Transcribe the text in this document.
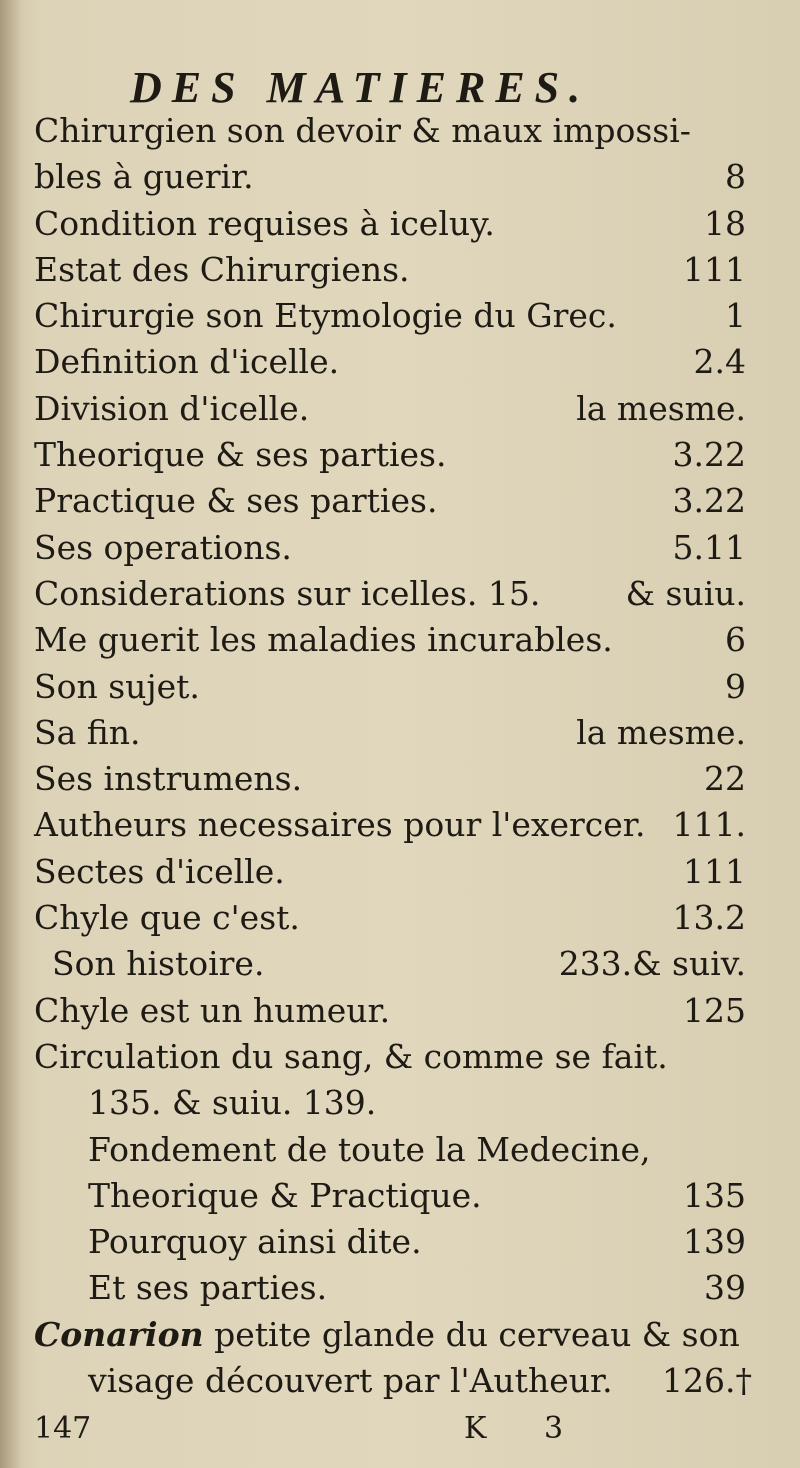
DES MATIERES.
Chirurgien son devoir & maux impossi-
bles à guerir.	8
Condition requises à iceluy.	18
Estat des Chirurgiens.	111
Chirurgie son Etymologie du Grec.	1
Definition d'icelle.	2.4
Division d'icelle.	la mesme.
Theorique & ses parties.	3.22
Practique & ses parties.	3.22
Ses operations.	5.11
Considerations sur icelles. 15.	& suiu.
Me guerit les maladies incurables.	6
Son sujet.	9
Sa fin.	la mesme.
Ses instrumens.	22
Autheurs necessaires pour l'exercer. 111.
Sectes d'icelle.	111
Chyle que c'est.	13.2
Son histoire.	233.& suiv.
Chyle est un humeur.	125
Circulation du sang, & comme se fait.
135. & suiu. 139.
Fondement de toute la Medecine,
Theorique & Practique.	135
Pourquoy ainsi dite.	139
Et ses parties.	39
Conarion petite glande du cerveau & son
visage découvert par l'Autheur. 126.†
147	K 3
